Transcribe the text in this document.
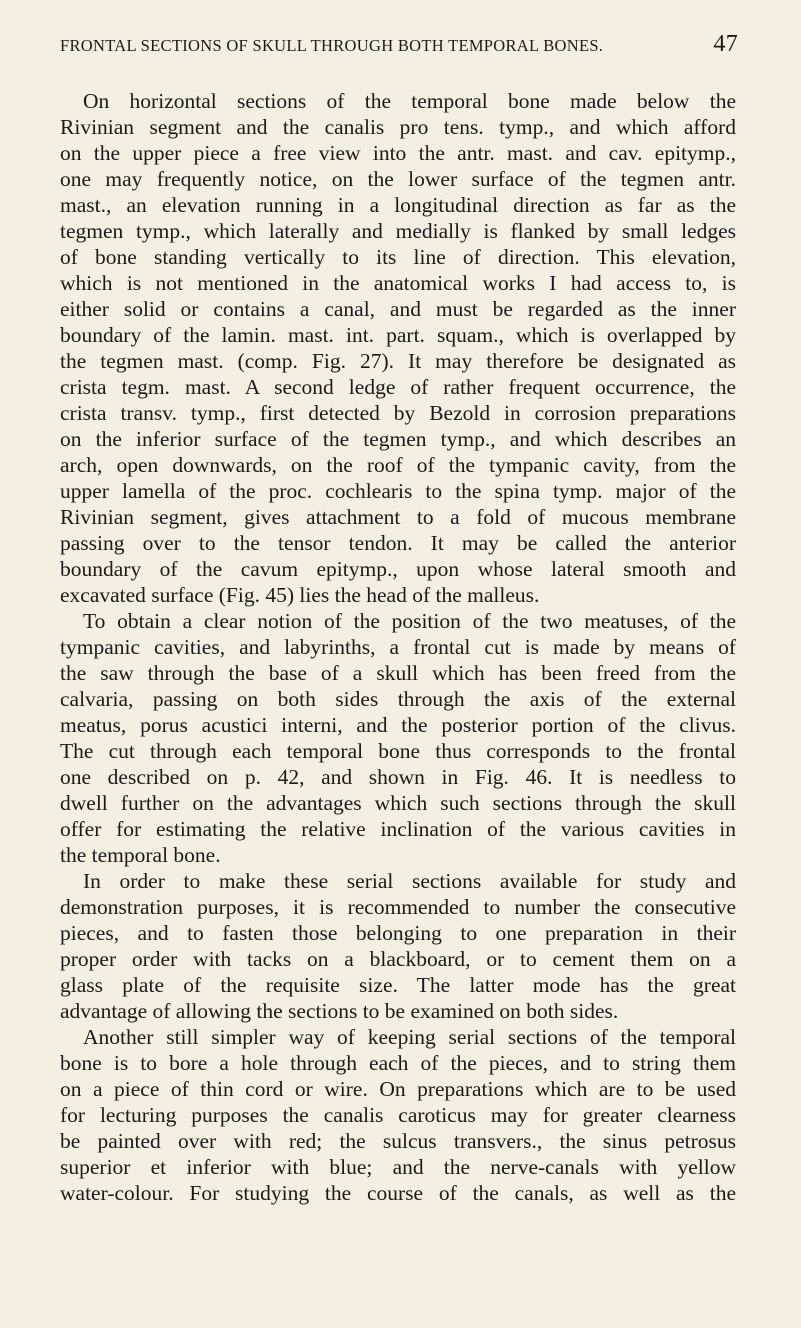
FRONTAL SECTIONS OF SKULL THROUGH BOTH TEMPORAL BONES.	47
On horizontal sections of the temporal bone made below the
Rivinian segment and the canalis pro tens. tymp., and which afford
on the upper piece a free view into the antr. mast. and cav. epitymp.,
one may frequently notice, on the lower surface of the tegmen antr.
mast., an elevation running in a longitudinal direction as far as the
tegmen tymp., which laterally and medially is flanked by small ledges
of bone standing vertically to its line of direction. This elevation,
which is not mentioned in the anatomical works I had access to, is
either solid or contains a canal, and must be regarded as the inner
boundary of the lamin. mast. int. part. squam., which is overlapped by
the tegmen mast. (comp. Fig. 27). It may therefore be designated as
crista tegm. mast. A second ledge of rather frequent occurrence, the
crista transv. tymp., first detected by Bezold in corrosion preparations
on the inferior surface of the tegmen tymp., and which describes an
arch, open downwards, on the roof of the tympanic cavity, from the
upper lamella of the proc. cochlearis to the spina tymp. major of the
Rivinian segment, gives attachment to a fold of mucous membrane
passing over to the tensor tendon. It may be called the anterior
boundary of the cavum epitymp., upon whose lateral smooth and
excavated surface (Fig. 45) lies the head of the malleus.
To obtain a clear notion of the position of the two meatuses, of the
tympanic cavities, and labyrinths, a frontal cut is made by means of
the saw through the base of a skull which has been freed from the
calvaria, passing on both sides through the axis of the external
meatus, porus acustici interni, and the posterior portion of the clivus.
The cut through each temporal bone thus corresponds to the frontal
one described on p. 42, and shown in Fig. 46. It is needless to
dwell further on the advantages which such sections through the skull
offer for estimating the relative inclination of the various cavities in
the temporal bone.
In order to make these serial sections available for study and
demonstration purposes, it is recommended to number the consecutive
pieces, and to fasten those belonging to one preparation in their
proper order with tacks on a blackboard, or to cement them on a
glass plate of the requisite size. The latter mode has the great
advantage of allowing the sections to be examined on both sides.
Another still simpler way of keeping serial sections of the temporal
bone is to bore a hole through each of the pieces, and to string them
on a piece of thin cord or wire. On preparations which are to be used
for lecturing purposes the canalis caroticus may for greater clearness
be painted over with red; the sulcus transvers., the sinus petrosus
superior et inferior with blue; and the nerve-canals with yellow
water-colour. For studying the course of the canals, as well as the
